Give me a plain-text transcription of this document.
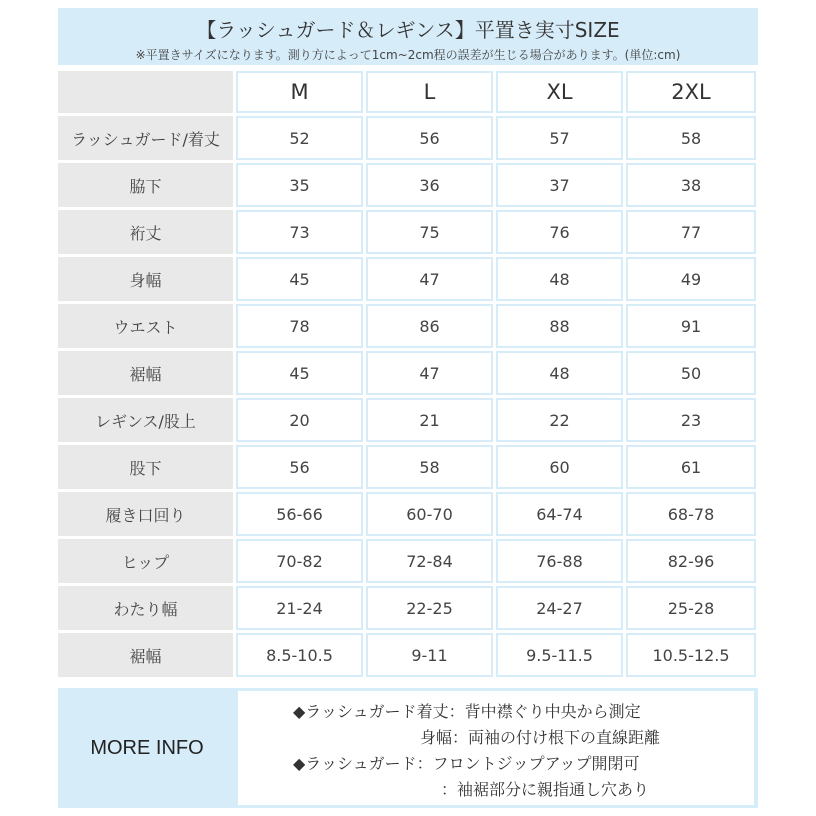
【ラッシュガード＆レギンス】平置き実寸SIZE
※平置きサイズになります。測り方によって1cm~2cm程の誤差が生じる場合があります。(単位:cm)
	M	L	XL	2XL
ラッシュガード/着丈	52	56	57	58
脇下	35	36	37	38
裄丈	73	75	76	77
身幅	45	47	48	49
ウエスト	78	86	88	91
裾幅	45	47	48	50
レギンス/股上	20	21	22	23
股下	56	58	60	61
履き口回り	56-66	60-70	64-74	68-78
ヒップ	70-82	72-84	76-88	82-96
わたり幅	21-24	22-25	24-27	25-28
裾幅	8.5-10.5	9-11	9.5-11.5	10.5-12.5
MORE INFO
◆ラッシュガード着丈：背中襟ぐり中央から測定
身幅：両袖の付け根下の直線距離
◆ラッシュガード：フロントジップアップ開閉可
：袖裾部分に親指通し穴あり
